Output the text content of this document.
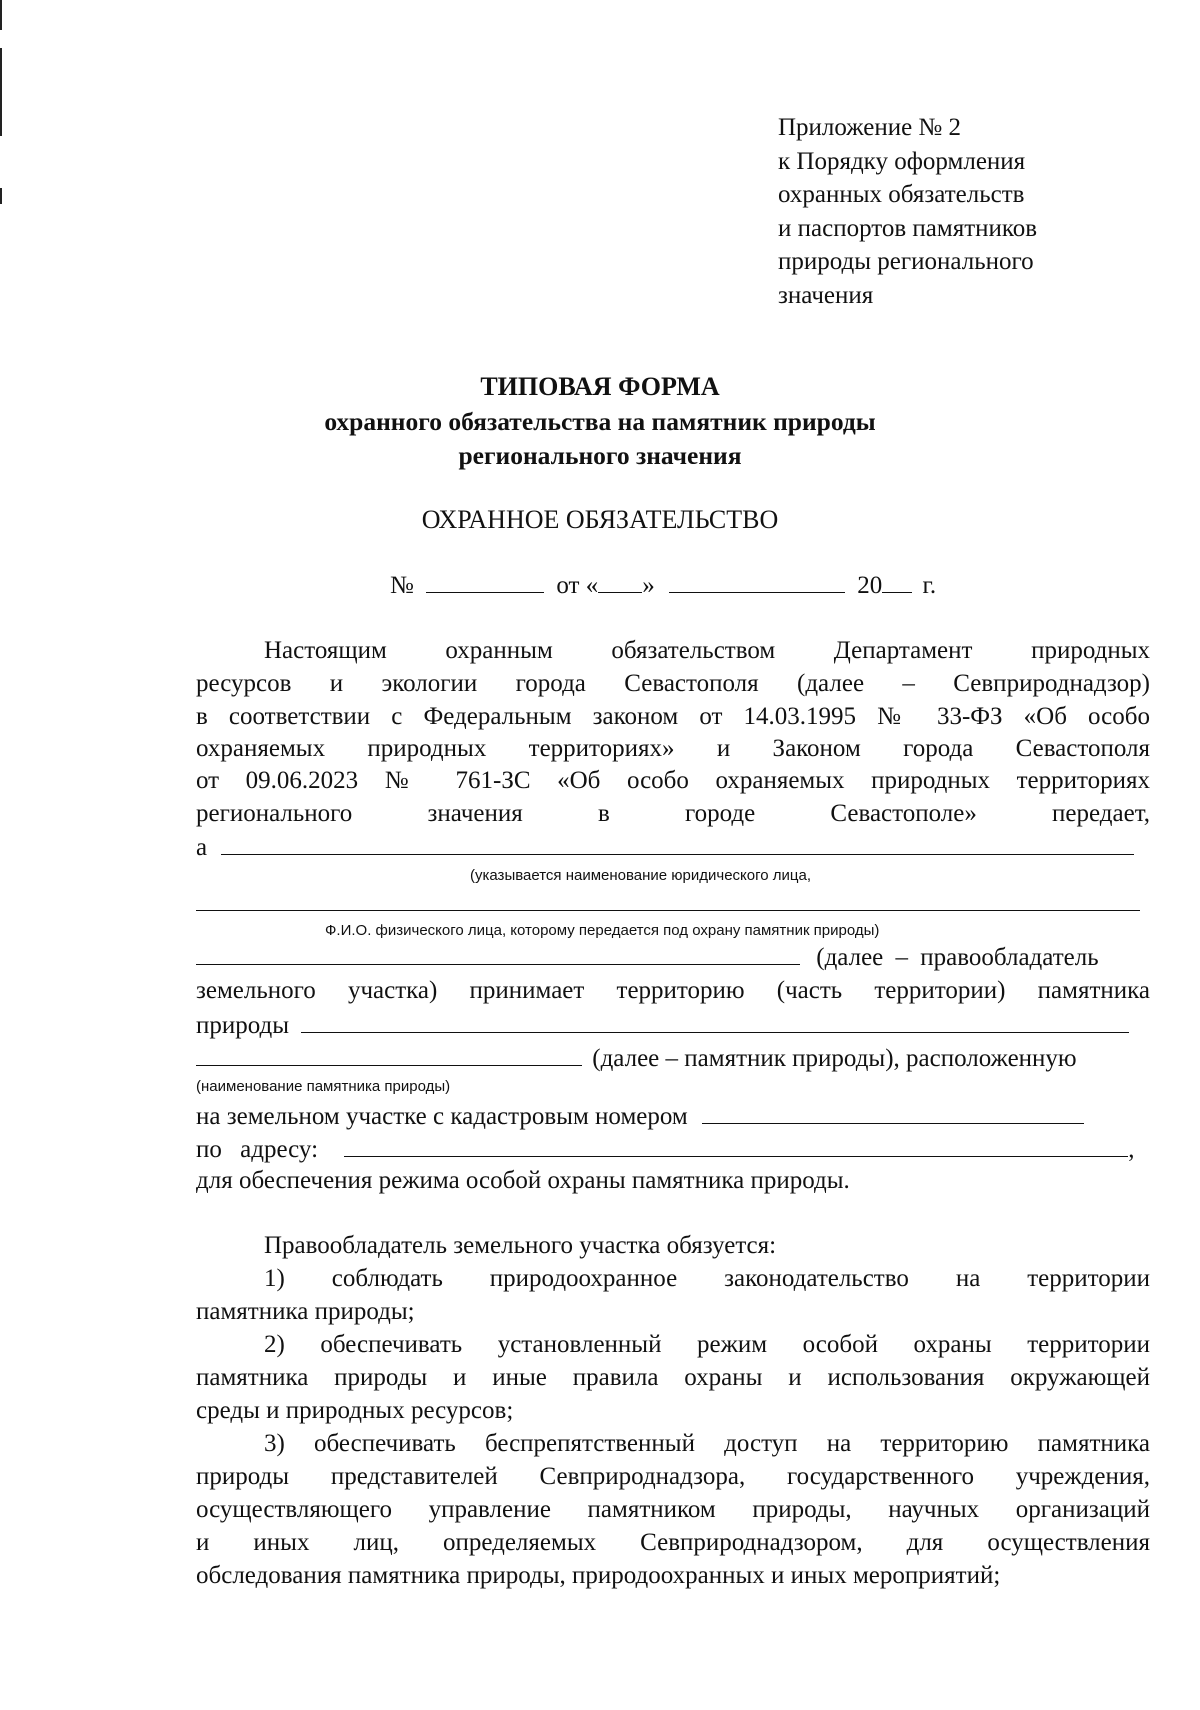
Приложение № 2
к Порядку оформления
охранных обязательств
и паспортов памятников
природы регионального
значения
ТИПОВАЯ ФОРМА
охранного обязательства на памятник природы
регионального значения
ОХРАННОЕ ОБЯЗАТЕЛЬСТВО
№	от « »	20 г.
Настоящим охранным обязательством Департамент природных
ресурсов и экологии города Севастополя (далее – Севприроднадзор)
в соответствии с Федеральным законом от 14.03.1995 № 33-ФЗ «Об особо
охраняемых природных территориях» и Законом города Севастополя
от 09.06.2023 № 761-ЗС «Об особо охраняемых природных территориях
регионального значения в городе Севастополе» передает,
а
(указывается наименование юридического лица,
Ф.И.О. физического лица, которому передается под охрану памятник природы)
(далее – правообладатель
земельного участка) принимает территорию (часть территории) памятника
природы
(далее – памятник природы), расположенную
(наименование памятника природы)
на земельном участке с кадастровым номером
по адресу:	,
для обеспечения режима особой охраны памятника природы.
Правообладатель земельного участка обязуется:
1) соблюдать природоохранное законодательство на территории
памятника природы;
2) обеспечивать установленный режим особой охраны территории
памятника природы и иные правила охраны и использования окружающей
среды и природных ресурсов;
3) обеспечивать беспрепятственный доступ на территорию памятника
природы представителей Севприроднадзора, государственного учреждения,
осуществляющего управление памятником природы, научных организаций
и иных лиц, определяемых Севприроднадзором, для осуществления
обследования памятника природы, природоохранных и иных мероприятий;
